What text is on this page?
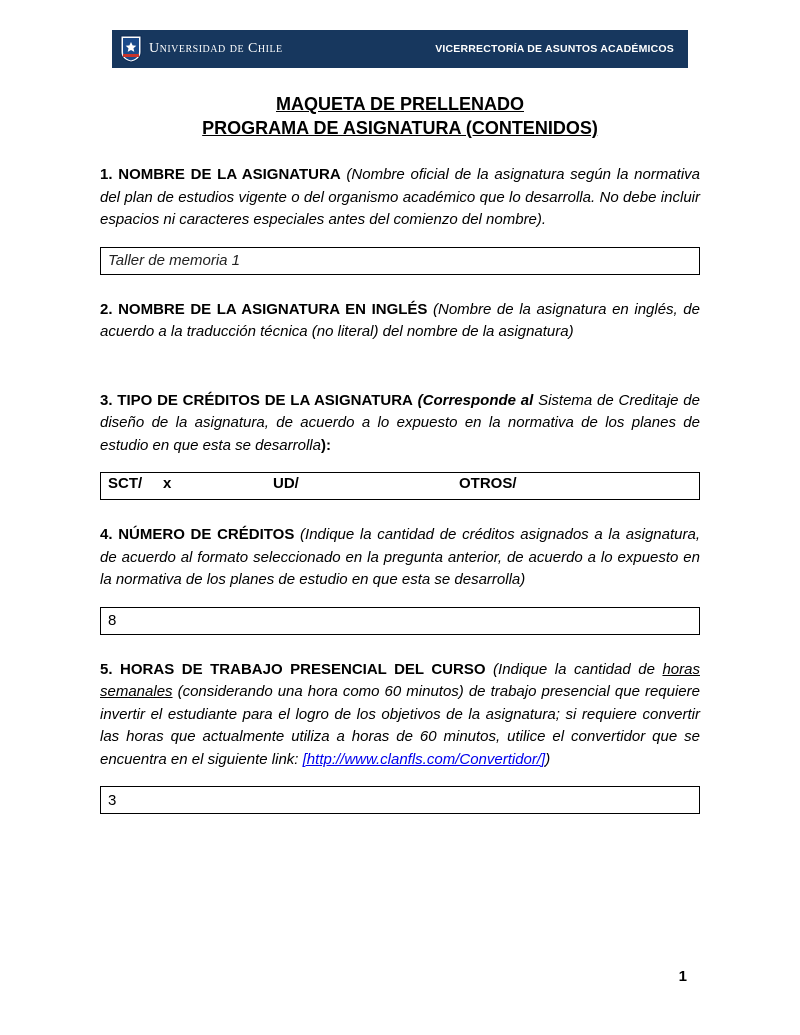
Universidad de Chile	VICERRECTORÍA DE ASUNTOS ACADÉMICOS
MAQUETA DE PRELLENADO
PROGRAMA DE ASIGNATURA (CONTENIDOS)

1. NOMBRE DE LA ASIGNATURA (Nombre oficial de la asignatura según la normativa del plan de estudios vigente o del organismo académico que lo desarrolla. No debe incluir espacios ni caracteres especiales antes del comienzo del nombre).

Taller de memoria 1

2. NOMBRE DE LA ASIGNATURA EN INGLÉS (Nombre de la asignatura en inglés, de acuerdo a la traducción técnica (no literal) del nombre de la asignatura)

3. TIPO DE CRÉDITOS DE LA ASIGNATURA (Corresponde al Sistema de Creditaje de diseño de la asignatura, de acuerdo a lo expuesto en la normativa de los planes de estudio en que esta se desarrolla):

SCT/ x	UD/	OTROS/

4. NÚMERO DE CRÉDITOS (Indique la cantidad de créditos asignados a la asignatura, de acuerdo al formato seleccionado en la pregunta anterior, de acuerdo a lo expuesto en la normativa de los planes de estudio en que esta se desarrolla)

8

5. HORAS DE TRABAJO PRESENCIAL DEL CURSO (Indique la cantidad de horas semanales (considerando una hora como 60 minutos) de trabajo presencial que requiere invertir el estudiante para el logro de los objetivos de la asignatura; si requiere convertir las horas que actualmente utiliza a horas de 60 minutos, utilice el convertidor que se encuentra en el siguiente link: [http://www.clanfls.com/Convertidor/])

3
1
